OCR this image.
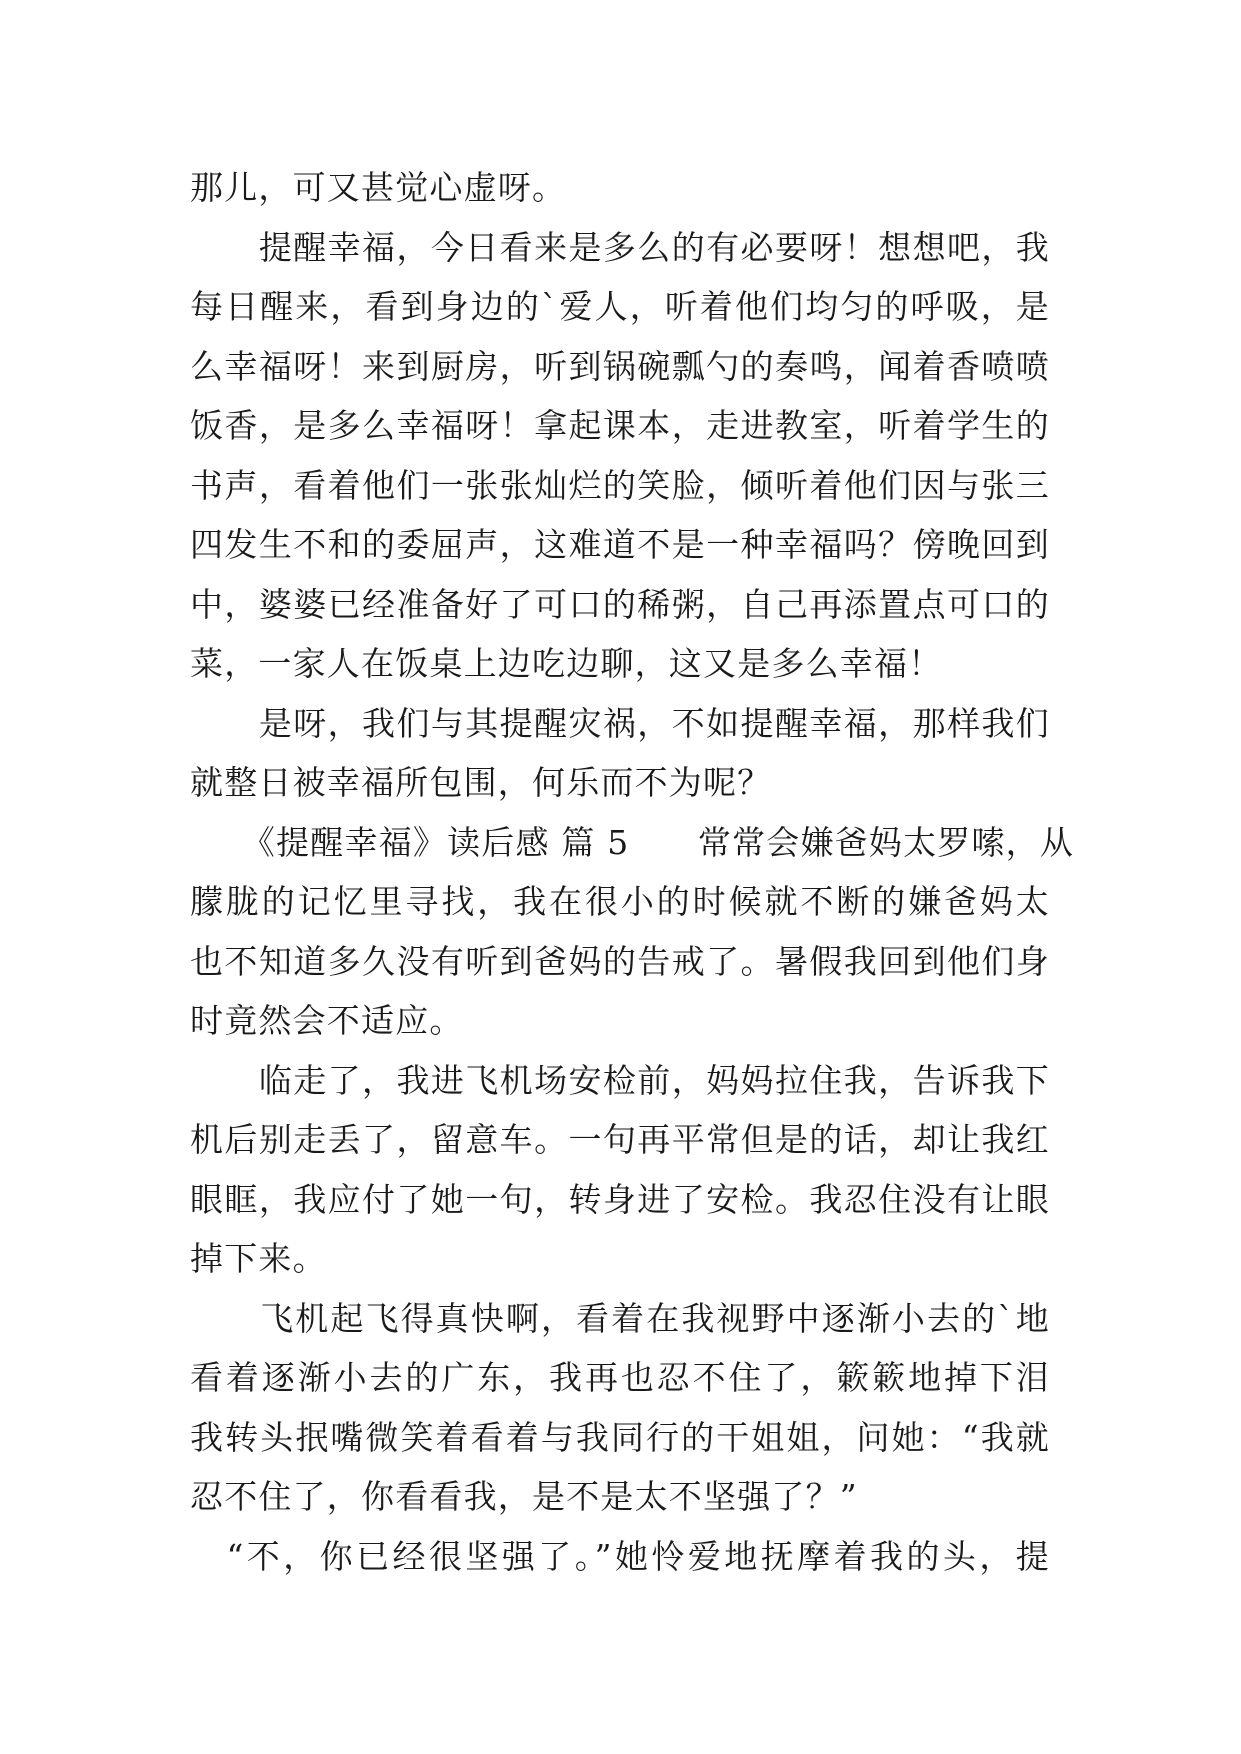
那儿，可又甚觉心虚呀。
　　提醒幸福，今日看来是多么的有必要呀！想想吧，我
每日醒来，看到身边的`爱人，听着他们均匀的呼吸，是
么幸福呀！来到厨房，听到锅碗瓢勺的奏鸣，闻着香喷喷
饭香，是多么幸福呀！拿起课本，走进教室，听着学生的
书声，看着他们一张张灿烂的笑脸，倾听着他们因与张三
四发生不和的委屈声，这难道不是一种幸福吗？傍晚回到
中，婆婆已经准备好了可口的稀粥，自己再添置点可口的
菜，一家人在饭桌上边吃边聊，这又是多么幸福！
　　是呀，我们与其提醒灾祸，不如提醒幸福，那样我们
就整日被幸福所包围，何乐而不为呢？
　　《提醒幸福》读后感 篇 5　　常常会嫌爸妈太罗嗦，从
朦胧的记忆里寻找，我在很小的时候就不断的嫌爸妈太
也不知道多久没有听到爸妈的告戒了。暑假我回到他们身
时竟然会不适应。
　　临走了，我进飞机场安检前，妈妈拉住我，告诉我下
机后别走丢了，留意车。一句再平常但是的话，却让我红
眼眶，我应付了她一句，转身进了安检。我忍住没有让眼
掉下来。
　　飞机起飞得真快啊，看着在我视野中逐渐小去的`地
看着逐渐小去的广东，我再也忍不住了，簌簌地掉下泪
我转头抿嘴微笑着看着与我同行的干姐姐，问她：“我就
忍不住了，你看看我，是不是太不坚强了？”
　“不，你已经很坚强了。”她怜爱地抚摩着我的头，提
